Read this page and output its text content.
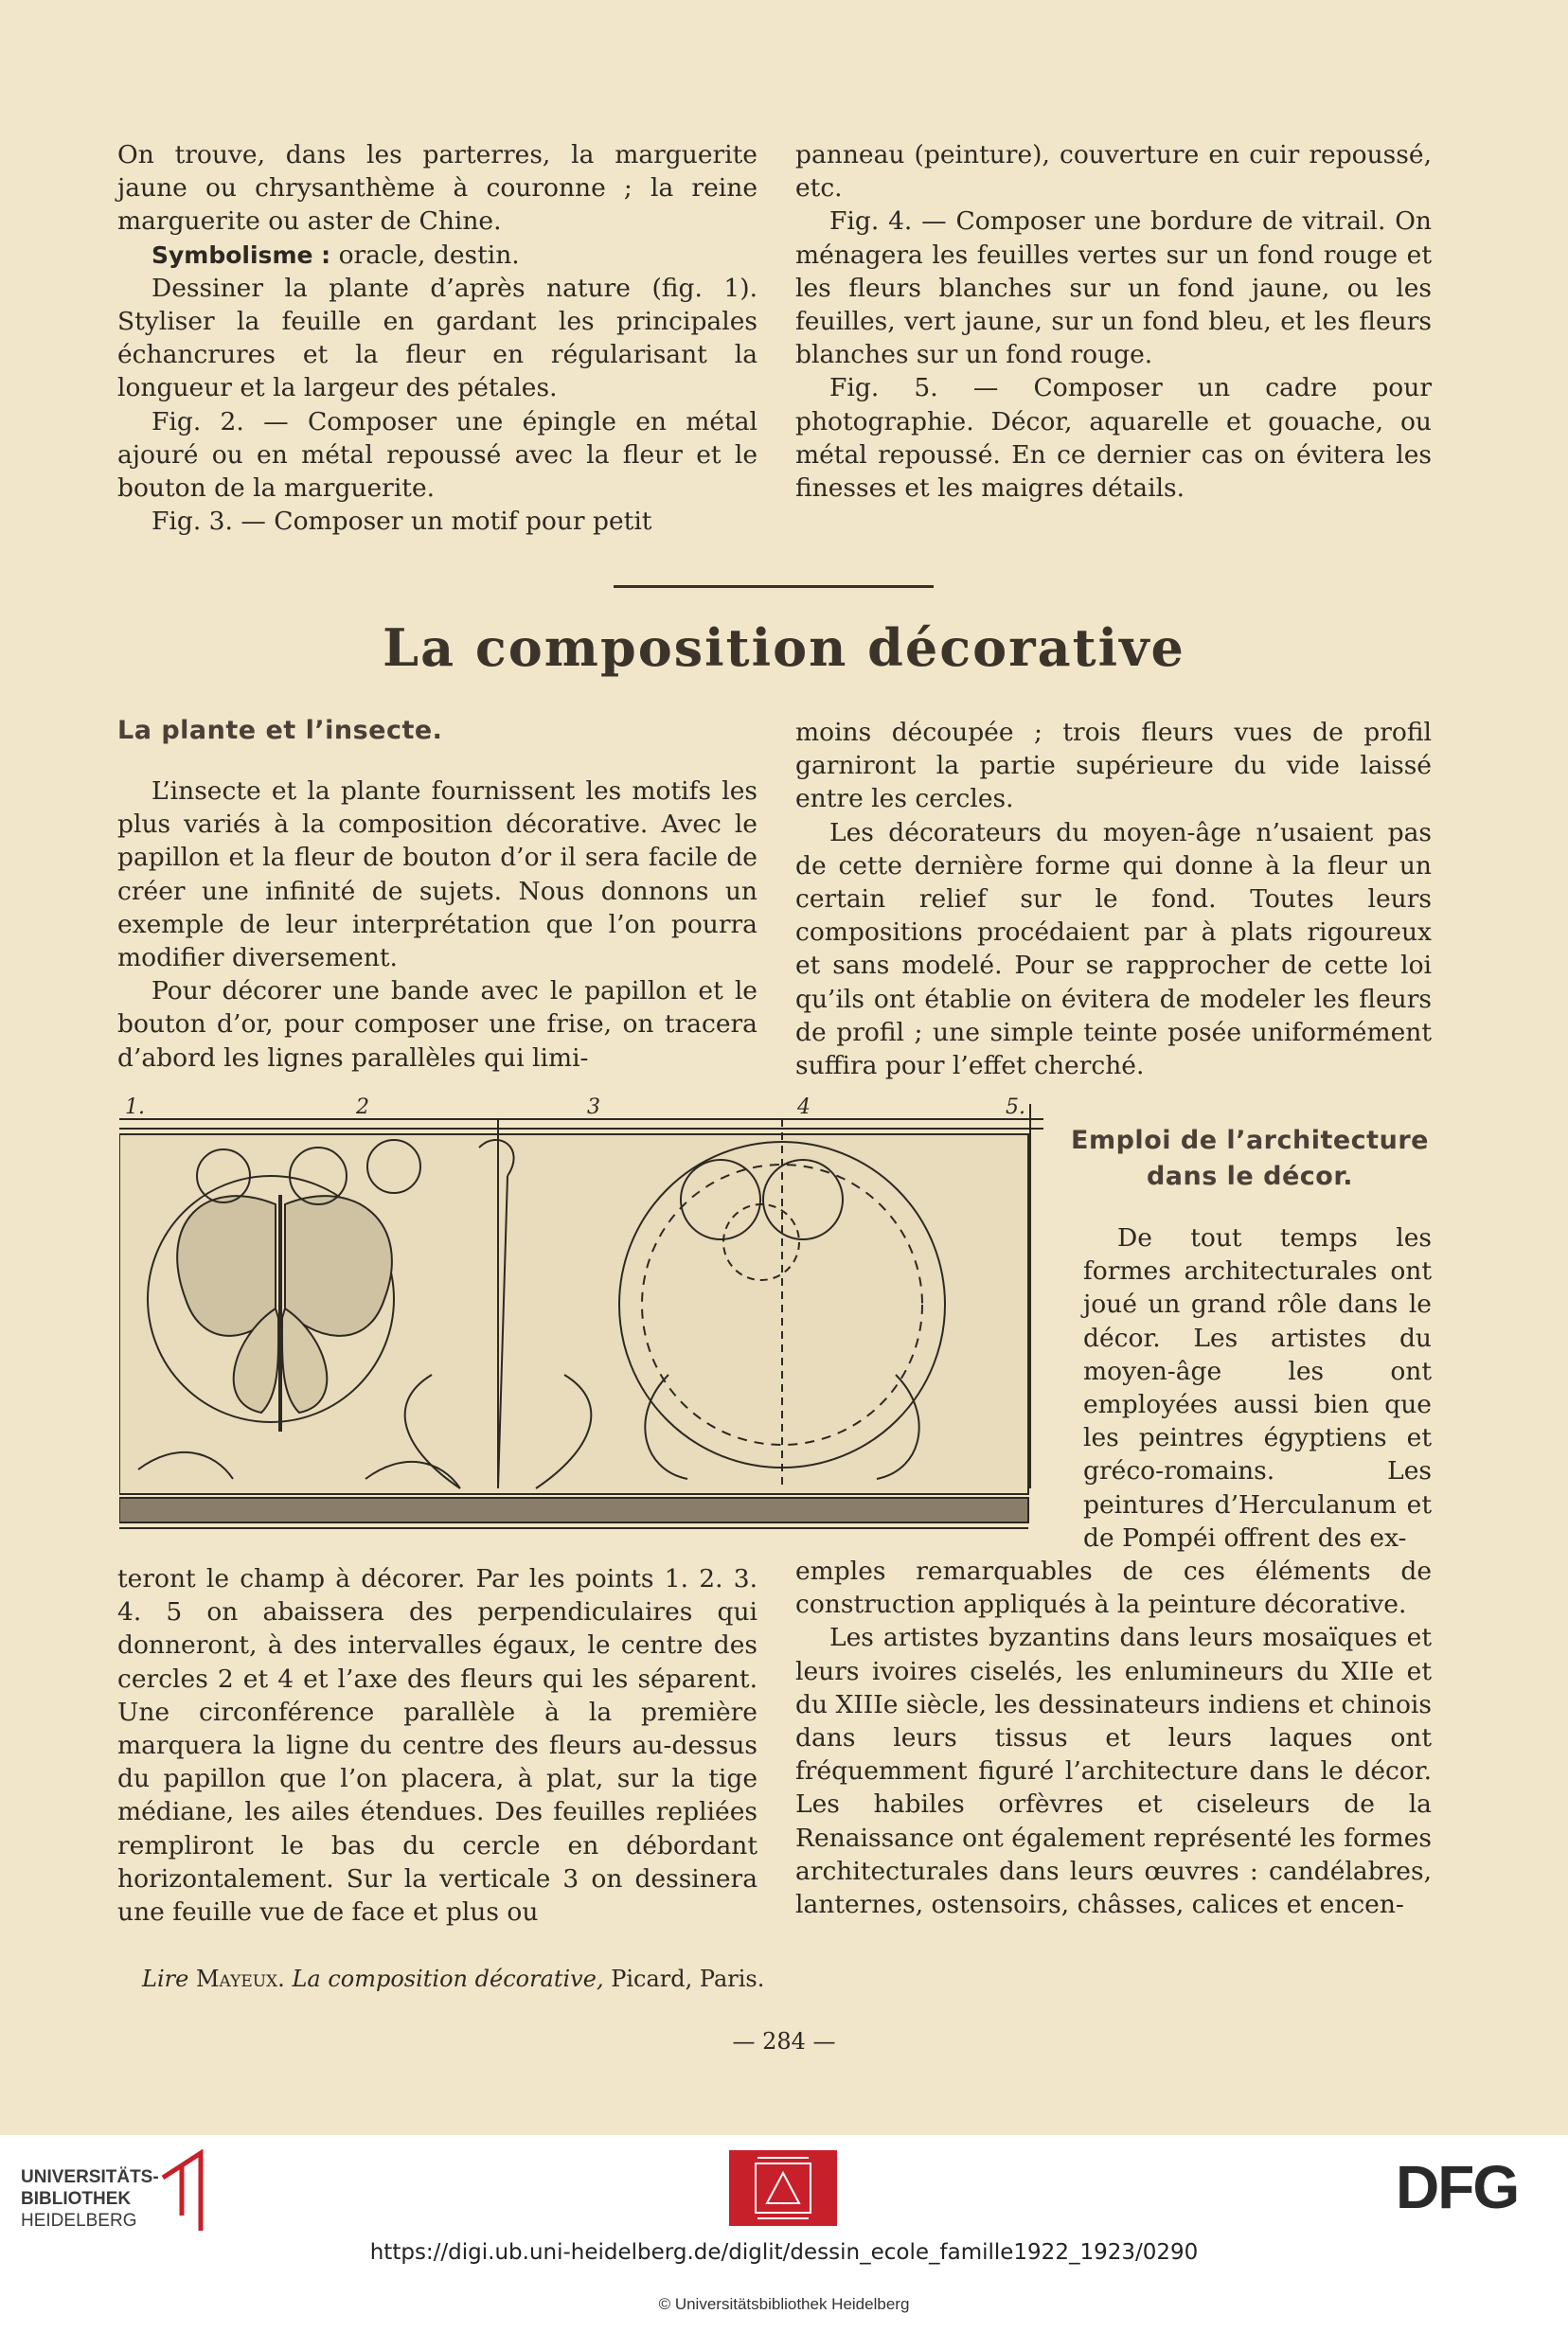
On trouve, dans les parterres, la marguerite jaune ou chrysanthème à couronne ; la reine marguerite ou aster de Chine.

Symbolisme : oracle, destin.

Dessiner la plante d’après nature (fig. 1). Styliser la feuille en gardant les principales échancrures et la fleur en régularisant la longueur et la largeur des pétales.

Fig. 2. — Composer une épingle en métal ajouré ou en métal repoussé avec la fleur et le bouton de la marguerite.

Fig. 3. — Composer un motif pour petit

panneau (peinture), couverture en cuir repoussé, etc.

Fig. 4. — Composer une bordure de vitrail. On ménagera les feuilles vertes sur un fond rouge et les fleurs blanches sur un fond jaune, ou les feuilles, vert jaune, sur un fond bleu, et les fleurs blanches sur un fond rouge.

Fig. 5. — Composer un cadre pour photographie. Décor, aquarelle et gouache, ou métal repoussé. En ce dernier cas on évitera les finesses et les maigres détails.

La composition décorative
La plante et l’insecte.

L’insecte et la plante fournissent les motifs les plus variés à la composition décorative. Avec le papillon et la fleur de bouton d’or il sera facile de créer une infinité de sujets. Nous donnons un exemple de leur interprétation que l’on pourra modifier diversement.

Pour décorer une bande avec le papillon et le bouton d’or, pour composer une frise, on tracera d’abord les lignes parallèles qui limi-

moins découpée ; trois fleurs vues de profil garniront la partie supérieure du vide laissé entre les cercles.

Les décorateurs du moyen-âge n’usaient pas de cette dernière forme qui donne à la fleur un certain relief sur le fond. Toutes leurs compositions procédaient par à plats rigoureux et sans modelé. Pour se rapprocher de cette loi qu’ils ont établie on évitera de modeler les fleurs de profil ; une simple teinte posée uniformément suffira pour l’effet cherché.

1.	2	3	4	5.
Emploi de l’architecture
dans le décor.

De tout temps les formes architecturales ont joué un grand rôle dans le décor. Les artistes du moyen-âge les ont employées aussi bien que les peintres égyptiens et gréco-romains. Les peintures d’Herculanum et de Pompéi offrent des ex-

teront le champ à décorer. Par les points 1. 2. 3. 4. 5 on abaissera des perpendiculaires qui donneront, à des intervalles égaux, le centre des cercles 2 et 4 et l’axe des fleurs qui les séparent. Une circonférence parallèle à la première marquera la ligne du centre des fleurs au-dessus du papillon que l’on placera, à plat, sur la tige médiane, les ailes étendues. Des feuilles repliées rempliront le bas du cercle en débordant horizontalement. Sur la verticale 3 on dessinera une feuille vue de face et plus ou

emples remarquables de ces éléments de construction appliqués à la peinture décorative.

Les artistes byzantins dans leurs mosaïques et leurs ivoires ciselés, les enlumineurs du XIIe et du XIIIe siècle, les dessinateurs indiens et chinois dans leurs tissus et leurs laques ont fréquemment figuré l’architecture dans le décor. Les habiles orfèvres et ciseleurs de la Renaissance ont également représenté les formes architecturales dans leurs œuvres : candélabres, lanternes, ostensoirs, châsses, calices et encen-

Lire Mayeux. La composition décorative, Picard, Paris.
— 284 —
UNIVERSITÄTS-
BIBLIOTHEK
HEIDELBERG	DFG
https://digi.ub.uni-heidelberg.de/diglit/dessin_ecole_famille1922_1923/0290
© Universitätsbibliothek Heidelberg
